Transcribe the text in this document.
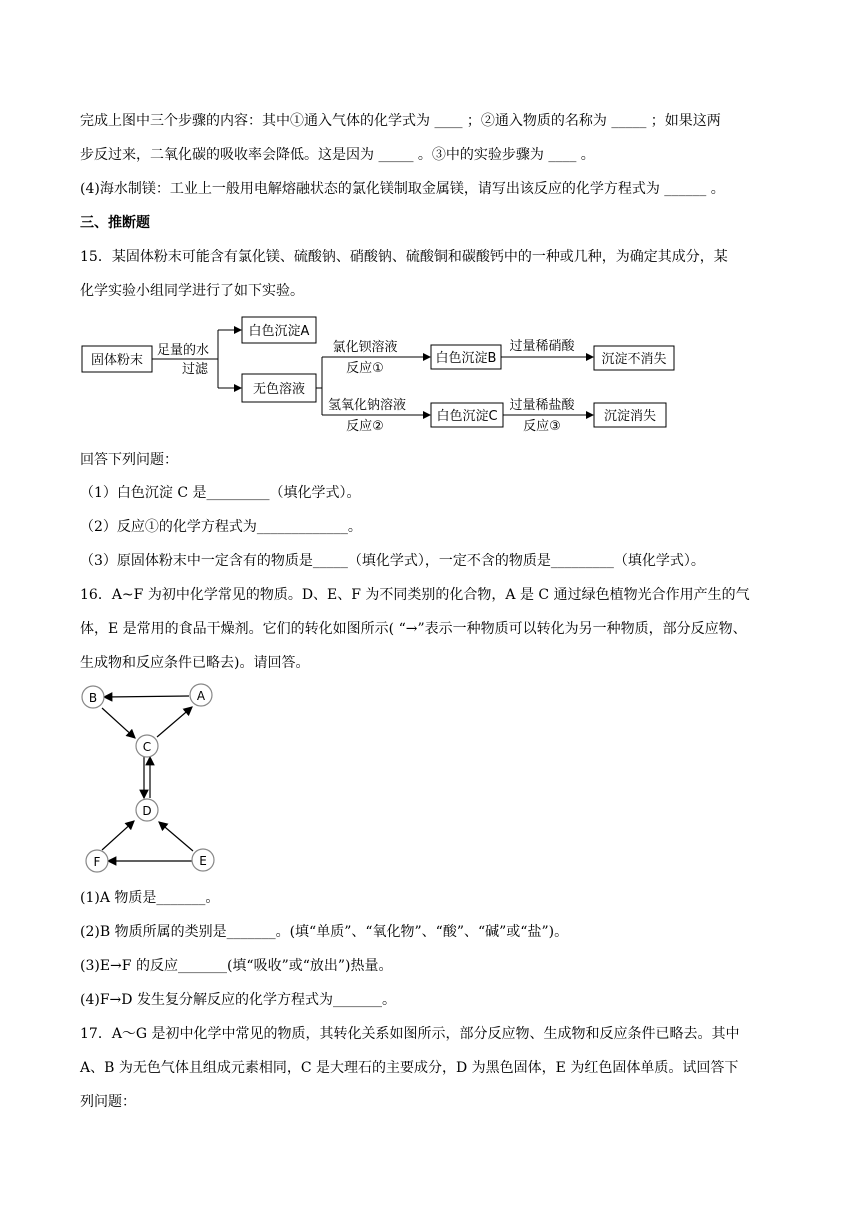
完成上图中三个步骤的内容：其中①通入气体的化学式为 ____ ；②通入物质的名称为 _____ ；如果这两
步反过来，二氧化碳的吸收率会降低。这是因为 _____ 。③中的实验步骤为 ____ 。
(4)海水制镁：工业上一般用电解熔融状态的氯化镁制取金属镁，请写出该反应的化学方程式为 ______ 。
三、推断题
15．某固体粉末可能含有氯化镁、硫酸钠、硝酸钠、硫酸铜和碳酸钙中的一种或几种，为确定其成分，某
化学实验小组同学进行了如下实验。
固体粉末
足量的水
过滤
白色沉淀A
无色溶液
氯化钡溶液
反应①
白色沉淀B
过量稀硝酸
沉淀不消失
氢氧化钠溶液
反应②
白色沉淀C
过量稀盐酸
反应③
沉淀消失
回答下列问题：
（1）白色沉淀 C 是_________（填化学式）。
（2）反应①的化学方程式为_____________。
（3）原固体粉末中一定含有的物质是_____（填化学式），一定不含的物质是_________（填化学式）。
16．A~F 为初中化学常见的物质。D、E、F 为不同类别的化合物，A 是 C 通过绿色植物光合作用产生的气
体，E 是常用的食品干燥剂。它们的转化如图所示( “→”表示一种物质可以转化为另一种物质，部分反应物、
生成物和反应条件已略去)。请回答。
A
B
C
D
E
F
(1)A 物质是_______。
(2)B 物质所属的类别是_______。(填“单质”、“氧化物”、“酸”、“碱”或“盐”)。
(3)E→F 的反应_______(填“吸收”或“放出”)热量。
(4)F→D 发生复分解反应的化学方程式为_______。
17．A～G 是初中化学中常见的物质，其转化关系如图所示，部分反应物、生成物和反应条件已略去。其中
A、B 为无色气体且组成元素相同，C 是大理石的主要成分，D 为黑色固体，E 为红色固体单质。试回答下
列问题：
